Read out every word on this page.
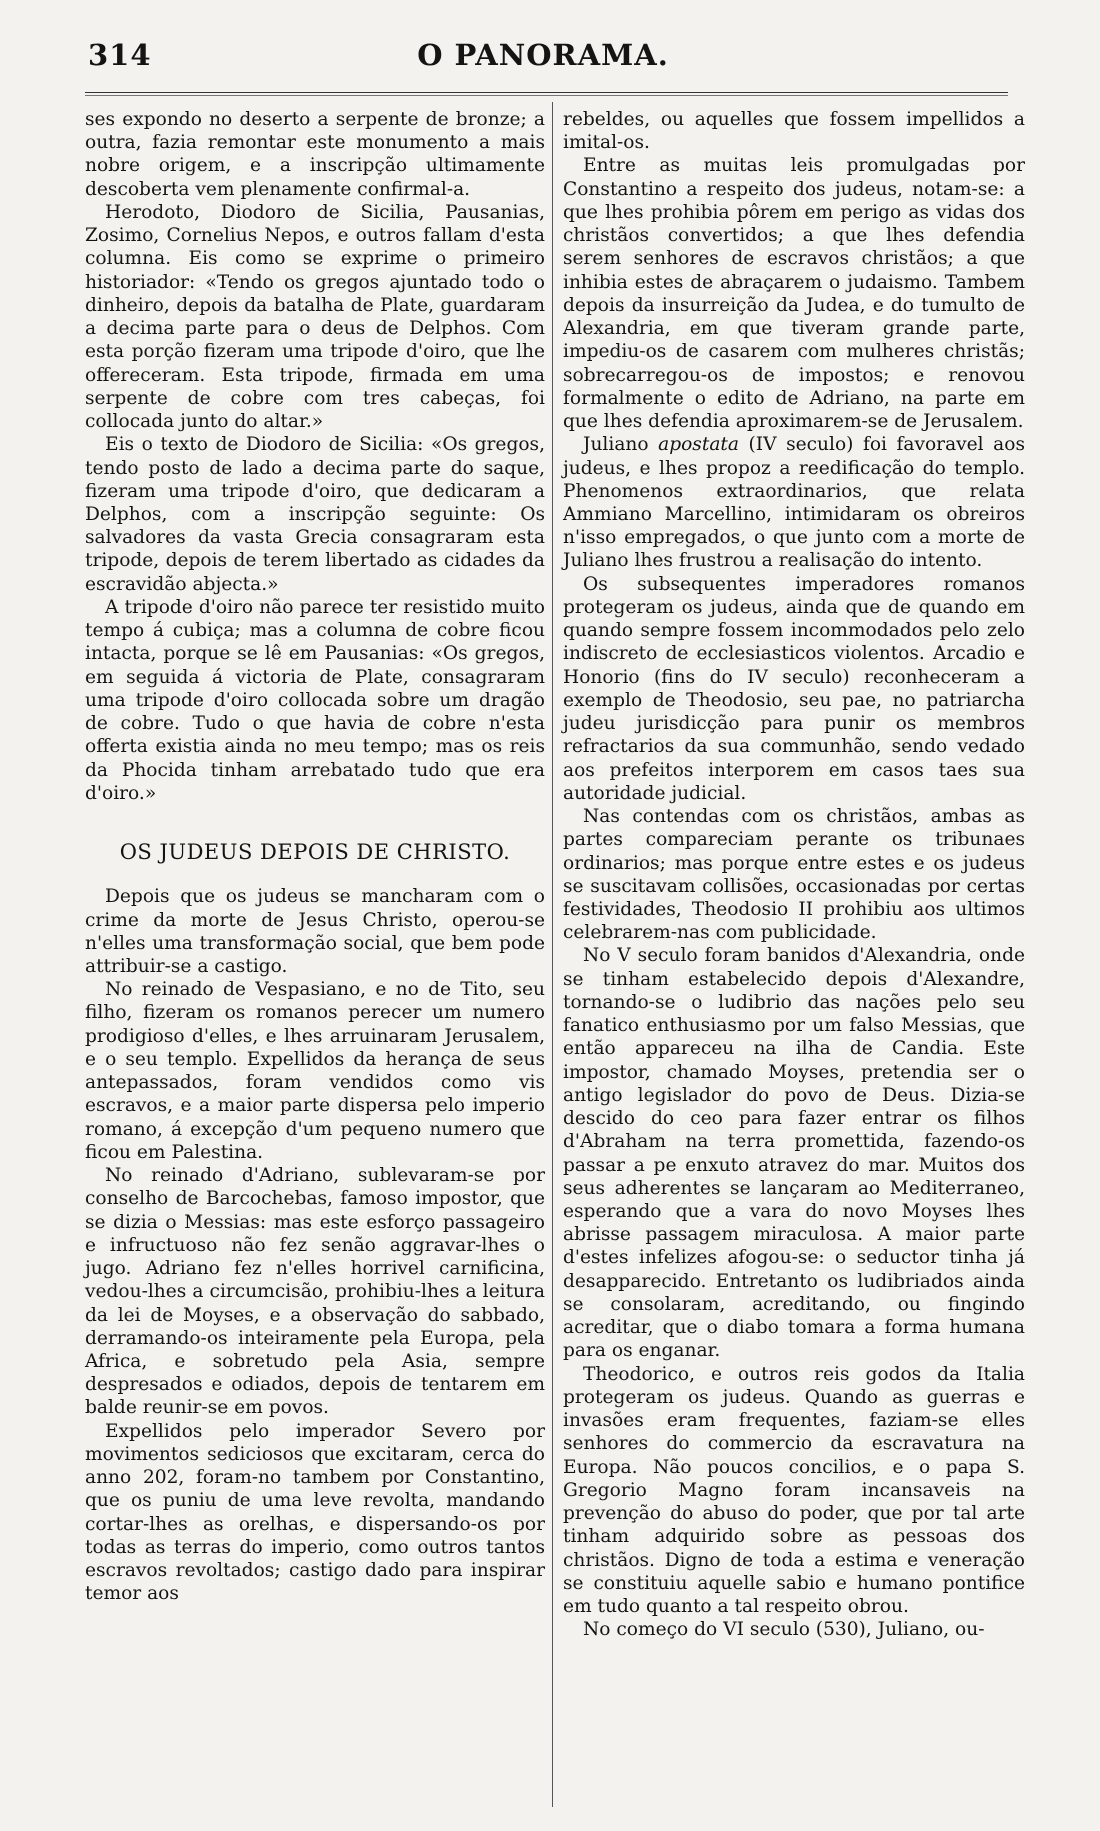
314	O PANORAMA.

ses expondo no deserto a serpente de bronze; a outra, fazia remontar este monumento a mais nobre origem, e a inscripção ultimamente descoberta vem plenamente confirmal-a.

Herodoto, Diodoro de Sicilia, Pausanias, Zosimo, Cornelius Nepos, e outros fallam d'esta columna. Eis como se exprime o primeiro historiador: «Tendo os gregos ajuntado todo o dinheiro, depois da batalha de Plate, guardaram a decima parte para o deus de Delphos. Com esta porção fizeram uma tripode d'oiro, que lhe offereceram. Esta tripode, firmada em uma serpente de cobre com tres cabeças, foi collocada junto do altar.»

Eis o texto de Diodoro de Sicilia: «Os gregos, tendo posto de lado a decima parte do saque, fizeram uma tripode d'oiro, que dedicaram a Delphos, com a inscripção seguinte: Os salvadores da vasta Grecia consagraram esta tripode, depois de terem libertado as cidades da escravidão abjecta.»

A tripode d'oiro não parece ter resistido muito tempo á cubiça; mas a columna de cobre ficou intacta, porque se lê em Pausanias: «Os gregos, em seguida á victoria de Plate, consagraram uma tripode d'oiro collocada sobre um dragão de cobre. Tudo o que havia de cobre n'esta offerta existia ainda no meu tempo; mas os reis da Phocida tinham arrebatado tudo que era d'oiro.»

OS JUDEUS DEPOIS DE CHRISTO.

Depois que os judeus se mancharam com o crime da morte de Jesus Christo, operou-se n'elles uma transformação social, que bem pode attribuir-se a castigo.

No reinado de Vespasiano, e no de Tito, seu filho, fizeram os romanos perecer um numero prodigioso d'elles, e lhes arruinaram Jerusalem, e o seu templo. Expellidos da herança de seus antepassados, foram vendidos como vis escravos, e a maior parte dispersa pelo imperio romano, á excepção d'um pequeno numero que ficou em Palestina.

No reinado d'Adriano, sublevaram-se por conselho de Barcochebas, famoso impostor, que se dizia o Messias: mas este esforço passageiro e infructuoso não fez senão aggravar-lhes o jugo. Adriano fez n'elles horrivel carnificina, vedou-lhes a circumcisão, prohibiu-lhes a leitura da lei de Moyses, e a observação do sabbado, derramando-os inteiramente pela Europa, pela Africa, e sobretudo pela Asia, sempre despresados e odiados, depois de tentarem em balde reunir-se em povos.

Expellidos pelo imperador Severo por movimentos sediciosos que excitaram, cerca do anno 202, foram-no tambem por Constantino, que os puniu de uma leve revolta, mandando cortar-lhes as orelhas, e dispersando-os por todas as terras do imperio, como outros tantos escravos revoltados; castigo dado para inspirar temor aos

rebeldes, ou aquelles que fossem impellidos a imital-os.

Entre as muitas leis promulgadas por Constantino a respeito dos judeus, notam-se: a que lhes prohibia pôrem em perigo as vidas dos christãos convertidos; a que lhes defendia serem senhores de escravos christãos; a que inhibia estes de abraçarem o judaismo. Tambem depois da insurreição da Judea, e do tumulto de Alexandria, em que tiveram grande parte, impediu-os de casarem com mulheres christãs; sobrecarregou-os de impostos; e renovou formalmente o edito de Adriano, na parte em que lhes defendia aproximarem-se de Jerusalem.

Juliano apostata (IV seculo) foi favoravel aos judeus, e lhes propoz a reedificação do templo. Phenomenos extraordinarios, que relata Ammiano Marcellino, intimidaram os obreiros n'isso empregados, o que junto com a morte de Juliano lhes frustrou a realisação do intento.

Os subsequentes imperadores romanos protegeram os judeus, ainda que de quando em quando sempre fossem incommodados pelo zelo indiscreto de ecclesiasticos violentos. Arcadio e Honorio (fins do IV seculo) reconheceram a exemplo de Theodosio, seu pae, no patriarcha judeu jurisdicção para punir os membros refractarios da sua communhão, sendo vedado aos prefeitos interporem em casos taes sua autoridade judicial.

Nas contendas com os christãos, ambas as partes compareciam perante os tribunaes ordinarios; mas porque entre estes e os judeus se suscitavam collisões, occasionadas por certas festividades, Theodosio II prohibiu aos ultimos celebrarem-nas com publicidade.

No V seculo foram banidos d'Alexandria, onde se tinham estabelecido depois d'Alexandre, tornando-se o ludibrio das nações pelo seu fanatico enthusiasmo por um falso Messias, que então appareceu na ilha de Candia. Este impostor, chamado Moyses, pretendia ser o antigo legislador do povo de Deus. Dizia-se descido do ceo para fazer entrar os filhos d'Abraham na terra promettida, fazendo-os passar a pe enxuto atravez do mar. Muitos dos seus adherentes se lançaram ao Mediterraneo, esperando que a vara do novo Moyses lhes abrisse passagem miraculosa. A maior parte d'estes infelizes afogou-se: o seductor tinha já desapparecido. Entretanto os ludibriados ainda se consolaram, acreditando, ou fingindo acreditar, que o diabo tomara a forma humana para os enganar.

Theodorico, e outros reis godos da Italia protegeram os judeus. Quando as guerras e invasões eram frequentes, faziam-se elles senhores do commercio da escravatura na Europa. Não poucos concilios, e o papa S. Gregorio Magno foram incansaveis na prevenção do abuso do poder, que por tal arte tinham adquirido sobre as pessoas dos christãos. Digno de toda a estima e veneração se constituiu aquelle sabio e humano pontifice em tudo quanto a tal respeito obrou.

No começo do VI seculo (530), Juliano, ou-
